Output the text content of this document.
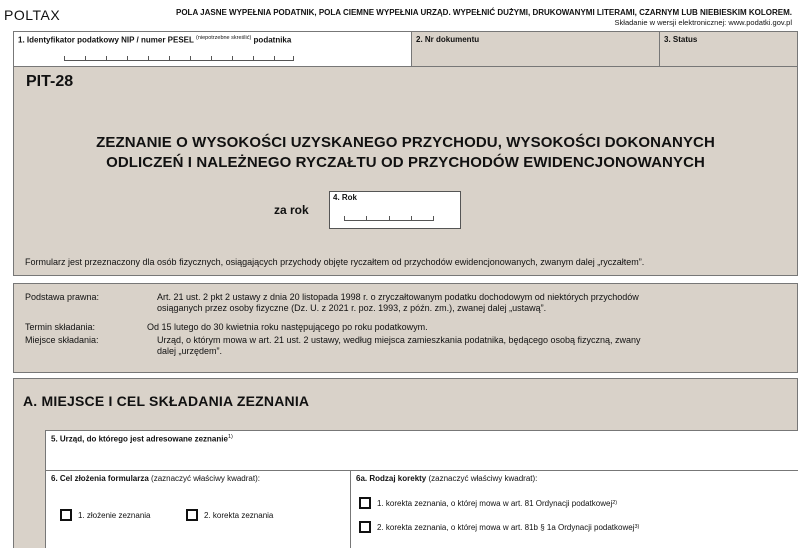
POLTAX	POLA JASNE WYPEŁNIA PODATNIK, POLA CIEMNE WYPEŁNIA URZĄD. WYPEŁNIĆ DUŻYMI, DRUKOWANYMI LITERAMI, CZARNYM LUB NIEBIESKIM KOLOREM.
Składanie w wersji elektronicznej: www.podatki.gov.pl
1. Identyfikator podatkowy NIP / numer PESEL $^{(niepotrzebne skreślić)}$ podatnika	2. Nr dokumentu	3. Status
PIT-28
ZEZNANIE O WYSOKOŚCI UZYSKANEGO PRZYCHODU, WYSOKOŚCI DOKONANYCH
ODLICZEŃ I NALEŻNEGO RYCZAŁTU OD PRZYCHODÓW EWIDENCJONOWANYCH
za rok
4. Rok
Formularz jest przeznaczony dla osób fizycznych, osiągających przychody objęte ryczałtem od przychodów ewidencjonowanych, zwanym dalej „ryczałtem”.
Podstawa prawna:	Art. 21 ust. 2 pkt 2 ustawy z dnia 20 listopada 1998 r. o zryczałtowanym podatku dochodowym od niektórych przychodów
osiąganych przez osoby fizyczne (Dz. U. z 2021 r. poz. 1993, z późn. zm.), zwanej dalej „ustawą”.
Termin składania:	Od 15 lutego do 30 kwietnia roku następującego po roku podatkowym.
Miejsce składania:	Urząd, o którym mowa w art. 21 ust. 2 ustawy, według miejsca zamieszkania podatnika, będącego osobą fizyczną, zwany
dalej „urzędem”.
A. MIEJSCE I CEL SKŁADANIA ZEZNANIA
5. Urząd, do którego jest adresowane zeznanie$^{1)}$
6. Cel złożenia formularza (zaznaczyć właściwy kwadrat):
1. złożenie zeznania	2. korekta zeznania
6a. Rodzaj korekty (zaznaczyć właściwy kwadrat):
1. korekta zeznania, o której mowa w art. 81 Ordynacji podatkowej 2)
2. korekta zeznania, o której mowa w art. 81b § 1a Ordynacji podatkowej 3)
